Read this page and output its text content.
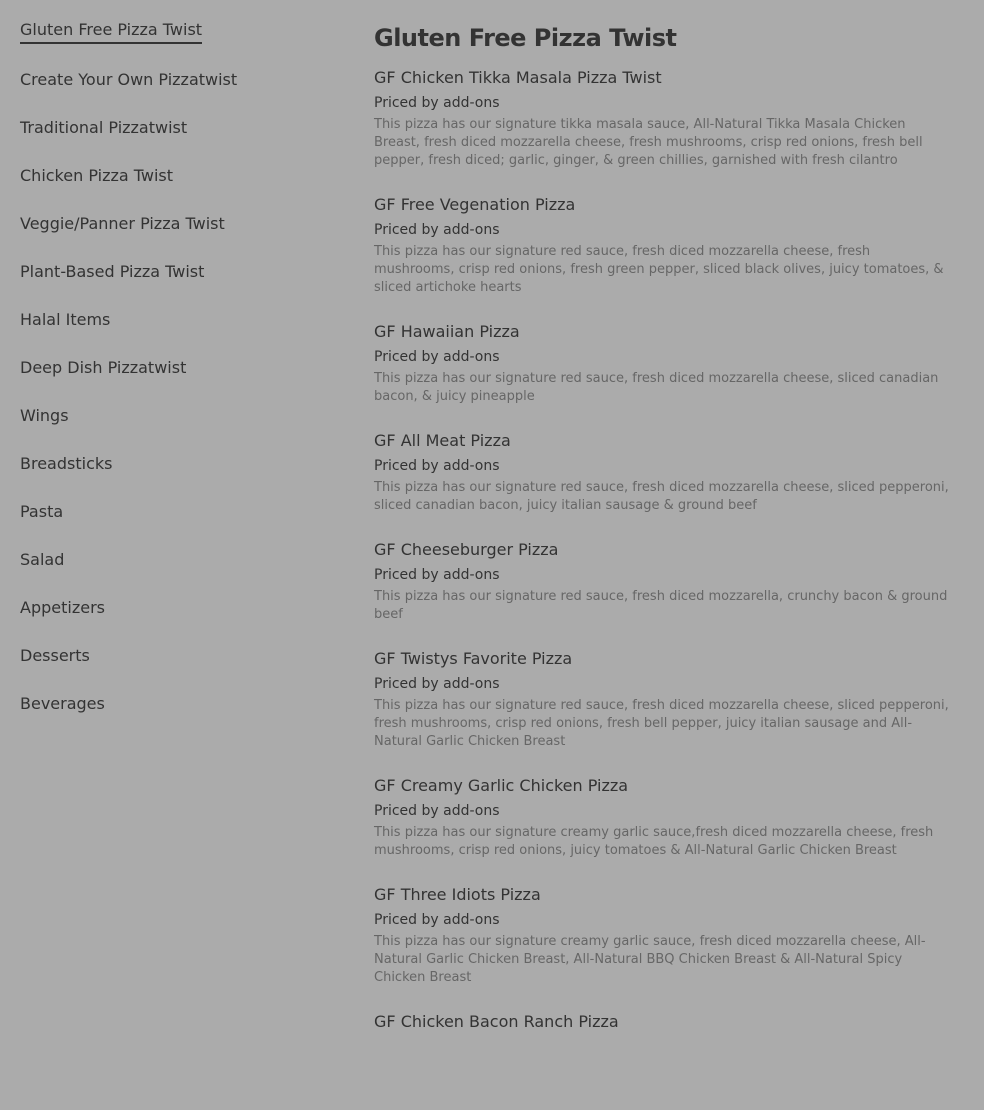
Gluten Free Pizza Twist
Create Your Own Pizzatwist
Traditional Pizzatwist
Chicken Pizza Twist
Veggie/Panner Pizza Twist
Plant-Based Pizza Twist
Halal Items
Deep Dish Pizzatwist
Wings
Breadsticks
Pasta
Salad
Appetizers
Desserts
Beverages
Gluten Free Pizza Twist

GF Chicken Tikka Masala Pizza Twist

Priced by add-ons

This pizza has our signature tikka masala sauce, All-Natural Tikka Masala Chicken Breast, fresh diced mozzarella cheese, fresh mushrooms, crisp red onions, fresh bell pepper, fresh diced; garlic, ginger, & green chillies, garnished with fresh cilantro

GF Free Vegenation Pizza

Priced by add-ons

This pizza has our signature red sauce, fresh diced mozzarella cheese, fresh mushrooms, crisp red onions, fresh green pepper, sliced black olives, juicy tomatoes, & sliced artichoke hearts

GF Hawaiian Pizza

Priced by add-ons

This pizza has our signature red sauce, fresh diced mozzarella cheese, sliced canadian bacon, & juicy pineapple

GF All Meat Pizza

Priced by add-ons

This pizza has our signature red sauce, fresh diced mozzarella cheese, sliced pepperoni, sliced canadian bacon, juicy italian sausage & ground beef

GF Cheeseburger Pizza

Priced by add-ons

This pizza has our signature red sauce, fresh diced mozzarella, crunchy bacon & ground beef

GF Twistys Favorite Pizza

Priced by add-ons

This pizza has our signature red sauce, fresh diced mozzarella cheese, sliced pepperoni, fresh mushrooms, crisp red onions, fresh bell pepper, juicy italian sausage and All-Natural Garlic Chicken Breast

GF Creamy Garlic Chicken Pizza

Priced by add-ons

This pizza has our signature creamy garlic sauce,fresh diced mozzarella cheese, fresh mushrooms, crisp red onions, juicy tomatoes & All-Natural Garlic Chicken Breast

GF Three Idiots Pizza

Priced by add-ons

This pizza has our signature creamy garlic sauce, fresh diced mozzarella cheese, All-Natural Garlic Chicken Breast, All-Natural BBQ Chicken Breast & All-Natural Spicy Chicken Breast

GF Chicken Bacon Ranch Pizza
